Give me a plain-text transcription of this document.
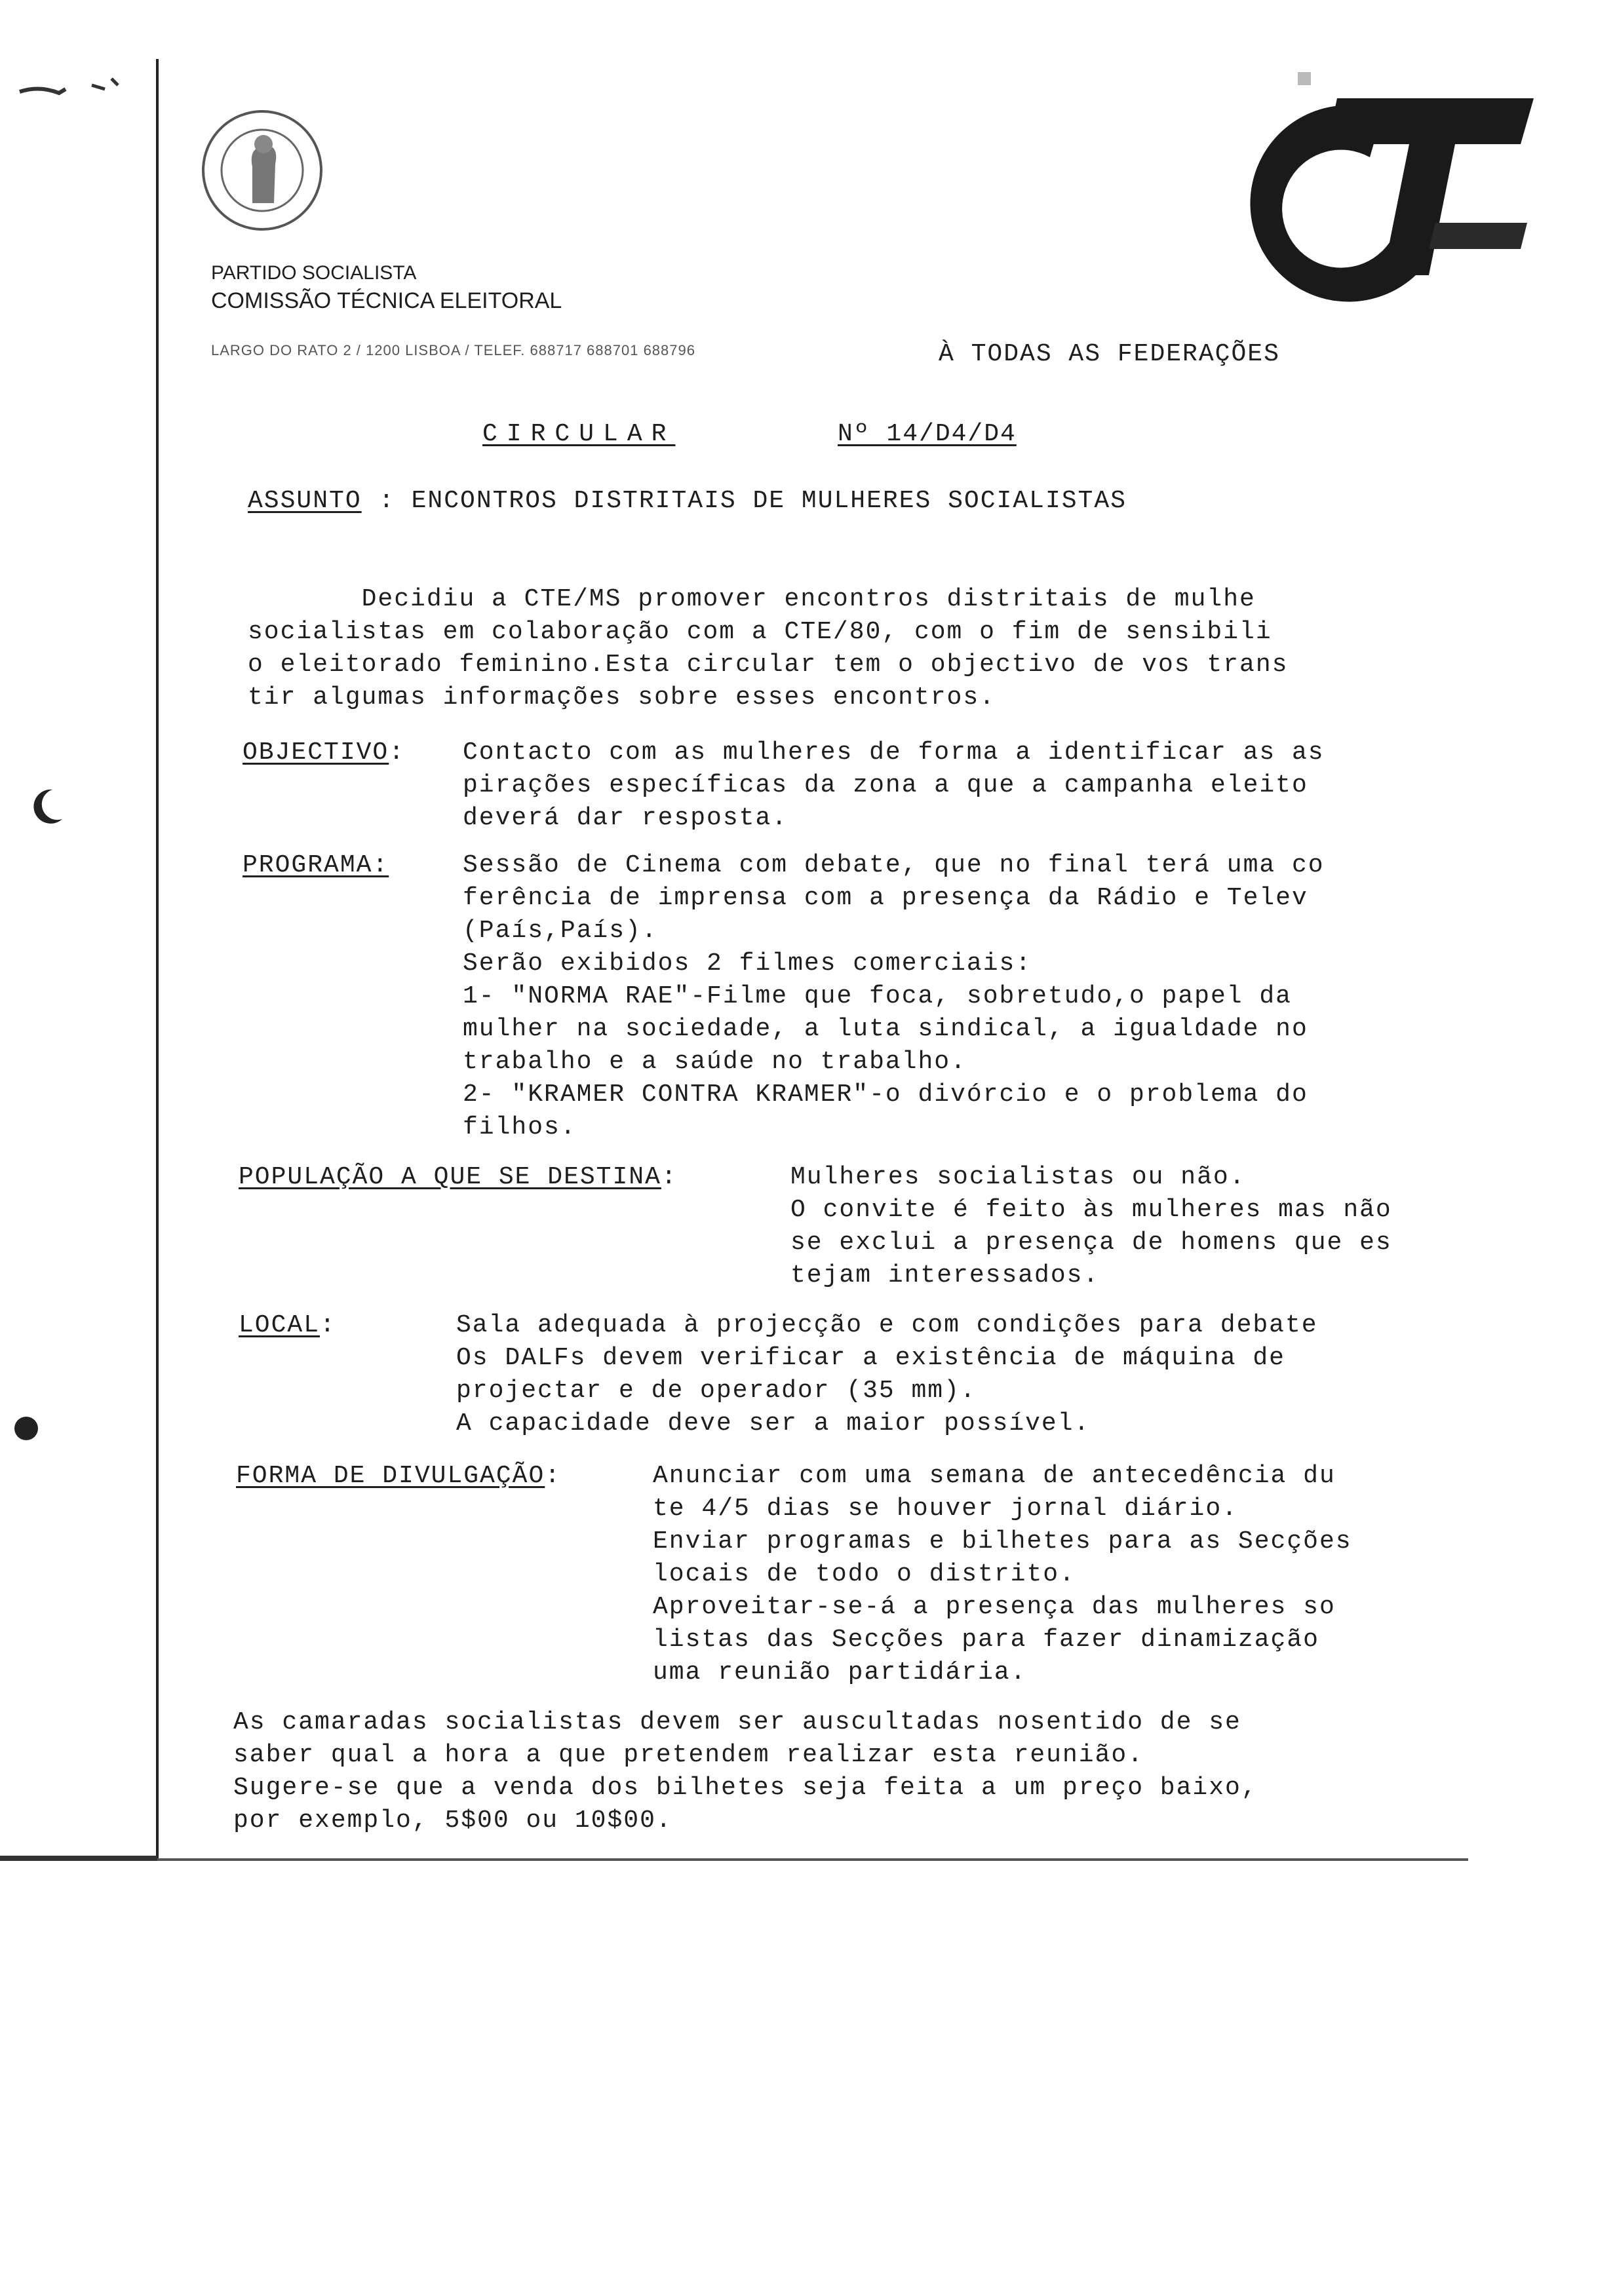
PARTIDO SOCIALISTA
COMISSÃO TÉCNICA ELEITORAL
LARGO DO RATO 2 / 1200 LISBOA / TELEF. 688717 688701 688796	À TODAS AS FEDERAÇÕES
CIRCULAR	Nº 14/D4/D4
ASSUNTO : ENCONTROS DISTRITAIS DE MULHERES SOCIALISTAS
Decidiu a CTE/MS promover encontros distritais de mulhe
socialistas em colaboração com a CTE/80, com o fim de sensibili
o eleitorado feminino.Esta circular tem o objectivo de vos trans
tir algumas informações sobre esses encontros.
OBJECTIVO: Contacto com as mulheres de forma a identificar as as
pirações específicas da zona a que a campanha eleito
deverá dar resposta.
PROGRAMA:	Sessão de Cinema com debate, que no final terá uma co
ferência de imprensa com a presença da Rádio e Telev
(País,País).
Serão exibidos 2 filmes comerciais:
1- "NORMA RAE"-Filme que foca, sobretudo,o papel da
mulher na sociedade, a luta sindical, a igualdade no
trabalho e a saúde no trabalho.
2- "KRAMER CONTRA KRAMER"-o divórcio e o problema do
filhos.
POPULAÇÃO A QUE SE DESTINA:	Mulheres socialistas ou não.
O convite é feito às mulheres mas não
se exclui a presença de homens que es
tejam interessados.
LOCAL:	Sala adequada à projecção e com condições para debate
Os DALFs devem verificar a existência de máquina de
projectar e de operador (35 mm).
A capacidade deve ser a maior possível.
FORMA DE DIVULGAÇÃO:	Anunciar com uma semana de antecedência du
te 4/5 dias se houver jornal diário.
Enviar programas e bilhetes para as Secções
locais de todo o distrito.
Aproveitar-se-á a presença das mulheres so
listas das Secções para fazer dinamização
uma reunião partidária.
As camaradas socialistas devem ser auscultadas nosentido de se
saber qual a hora a que pretendem realizar esta reunião.
Sugere-se que a venda dos bilhetes seja feita a um preço baixo,
por exemplo, 5$00 ou 10$00.
